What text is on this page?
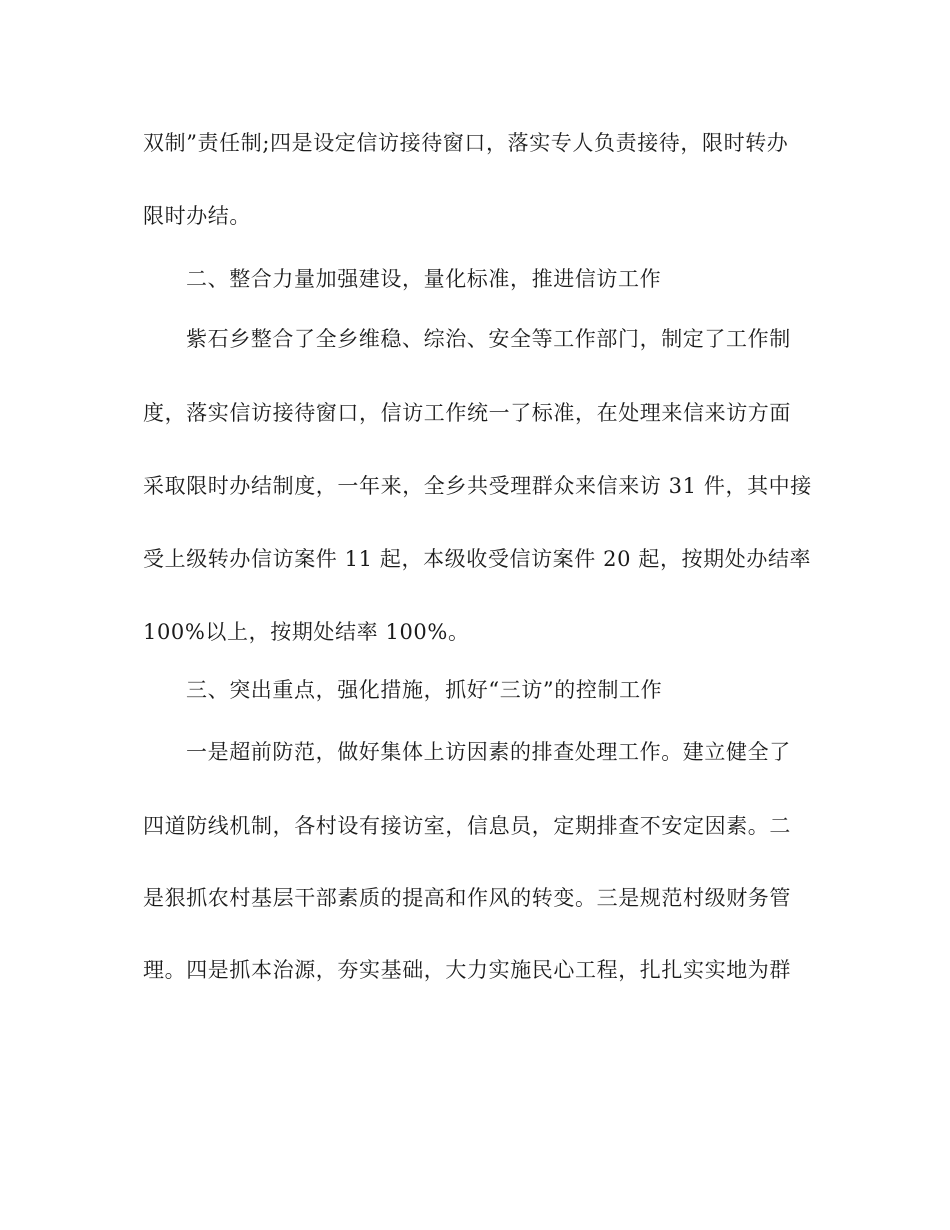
双制”责任制;四是设定信访接待窗口，落实专人负责接待，限时转办

限时办结。

二、整合力量加强建设，量化标准，推进信访工作

紫石乡整合了全乡维稳、综治、安全等工作部门，制定了工作制

度，落实信访接待窗口，信访工作统一了标准，在处理来信来访方面

采取限时办结制度，一年来，全乡共受理群众来信来访 31 件，其中接

受上级转办信访案件 11 起，本级收受信访案件 20 起，按期处办结率

100%以上，按期处结率 100%。

三、突出重点，强化措施，抓好“三访”的控制工作

一是超前防范，做好集体上访因素的排查处理工作。建立健全了

四道防线机制，各村设有接访室，信息员，定期排查不安定因素。二

是狠抓农村基层干部素质的提高和作风的转变。三是规范村级财务管

理。四是抓本治源，夯实基础，大力实施民心工程，扎扎实实地为群
